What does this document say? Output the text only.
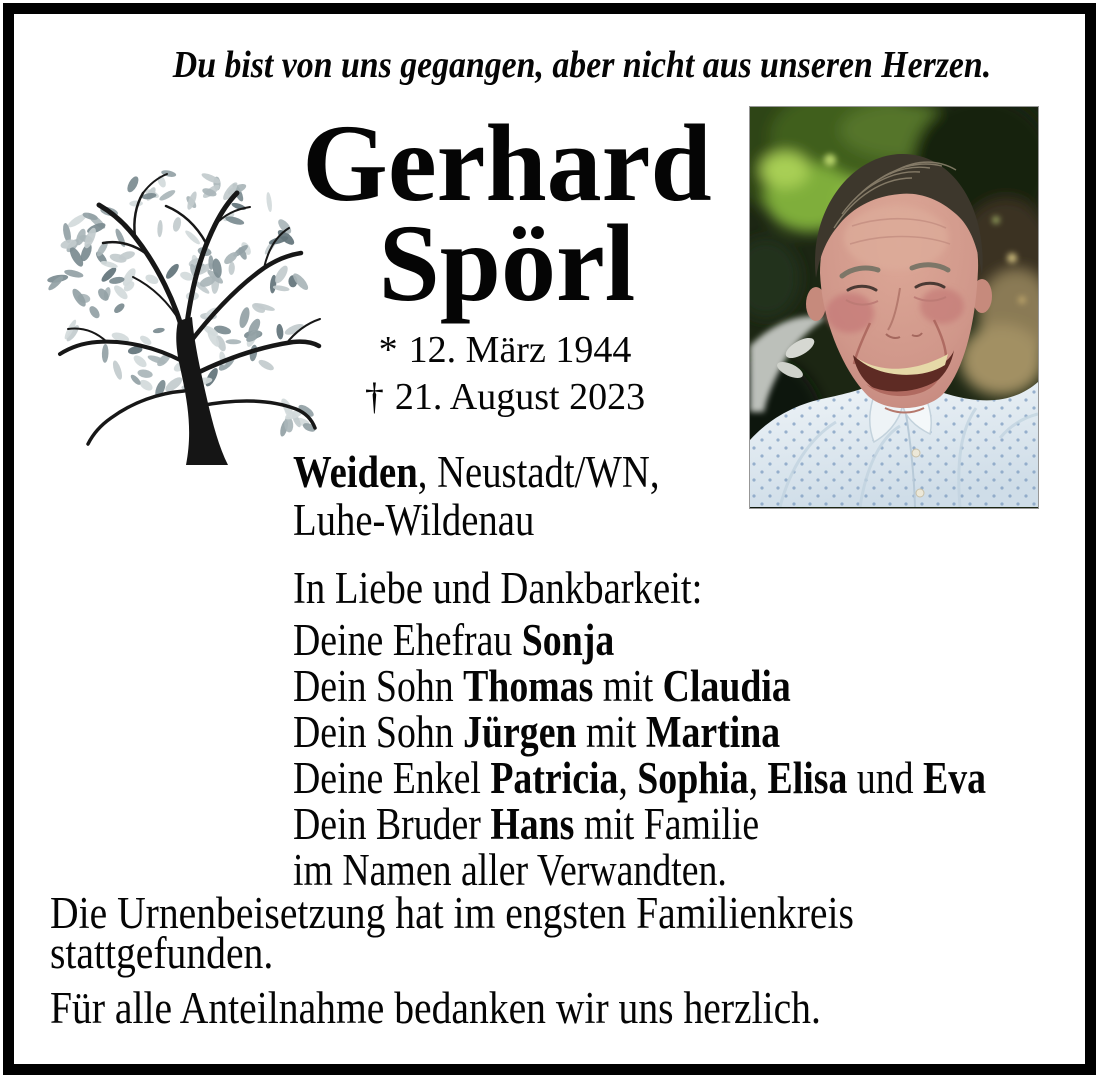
Du bist von uns gegangen, aber nicht aus unseren Herzen.
Gerhard
Spörl
* 12. März 1944
† 21. August 2023
Weiden, Neustadt/WN,
Luhe-Wildenau
In Liebe und Dankbarkeit:
Deine Ehefrau Sonja
Dein Sohn Thomas mit Claudia
Dein Sohn Jürgen mit Martina
Deine Enkel Patricia, Sophia, Elisa und Eva
Dein Bruder Hans mit Familie
im Namen aller Verwandten.
Die Urnenbeisetzung hat im engsten Familienkreis stattgefunden.
Für alle Anteilnahme bedanken wir uns herzlich.
